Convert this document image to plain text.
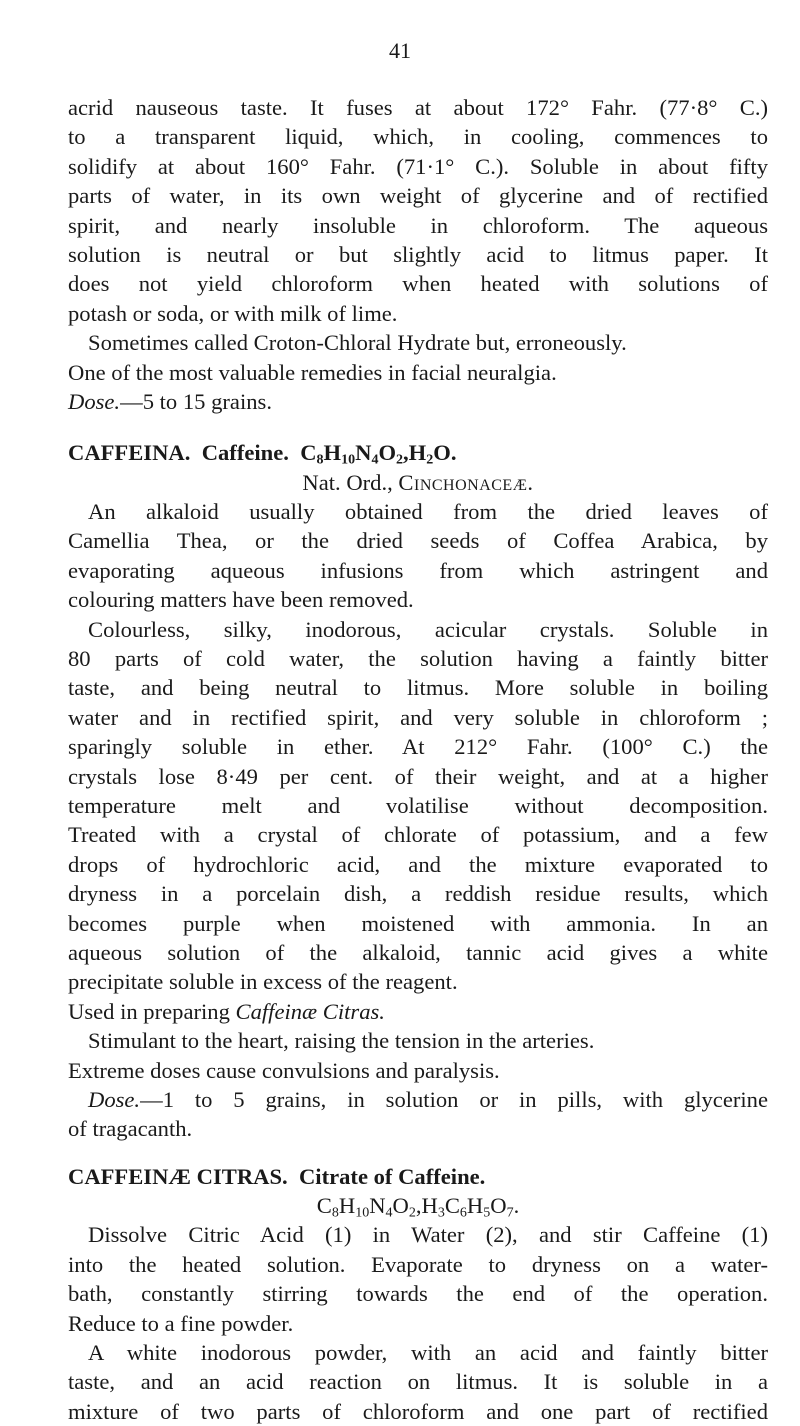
41
acrid nauseous taste. It fuses at about 172° Fahr. (77·8° C.)
to a transparent liquid, which, in cooling, commences to
solidify at about 160° Fahr. (71·1° C.). Soluble in about fifty
parts of water, in its own weight of glycerine and of rectified
spirit, and nearly insoluble in chloroform. The aqueous
solution is neutral or but slightly acid to litmus paper. It
does not yield chloroform when heated with solutions of
potash or soda, or with milk of lime.
Sometimes called Croton-Chloral Hydrate but, erroneously.
One of the most valuable remedies in facial neuralgia.
Dose.—5 to 15 grains.
CAFFEINA. Caffeine. $C_8H_{10}N_4O_2,H_2O$.
Nat. Ord., Cinchonaceæ.
An alkaloid usually obtained from the dried leaves of
Camellia Thea, or the dried seeds of Coffea Arabica, by
evaporating aqueous infusions from which astringent and
colouring matters have been removed.
Colourless, silky, inodorous, acicular crystals. Soluble in
80 parts of cold water, the solution having a faintly bitter
taste, and being neutral to litmus. More soluble in boiling
water and in rectified spirit, and very soluble in chloroform ;
sparingly soluble in ether. At 212° Fahr. (100° C.) the
crystals lose 8·49 per cent. of their weight, and at a higher
temperature melt and volatilise without decomposition.
Treated with a crystal of chlorate of potassium, and a few
drops of hydrochloric acid, and the mixture evaporated to
dryness in a porcelain dish, a reddish residue results, which
becomes purple when moistened with ammonia. In an
aqueous solution of the alkaloid, tannic acid gives a white
precipitate soluble in excess of the reagent.
Used in preparing Caffeinæ Citras.
Stimulant to the heart, raising the tension in the arteries.
Extreme doses cause convulsions and paralysis.
Dose.—1 to 5 grains, in solution or in pills, with glycerine
of tragacanth.
CAFFEINÆ CITRAS. Citrate of Caffeine.
$C_8H_{10}N_4O_2,H_3C_6H_5O_7$.
Dissolve Citric Acid (1) in Water (2), and stir Caffeine (1)
into the heated solution. Evaporate to dryness on a water-
bath, constantly stirring towards the end of the operation.
Reduce to a fine powder.
A white inodorous powder, with an acid and faintly bitter
taste, and an acid reaction on litmus. It is soluble in a
mixture of two parts of chloroform and one part of rectified
